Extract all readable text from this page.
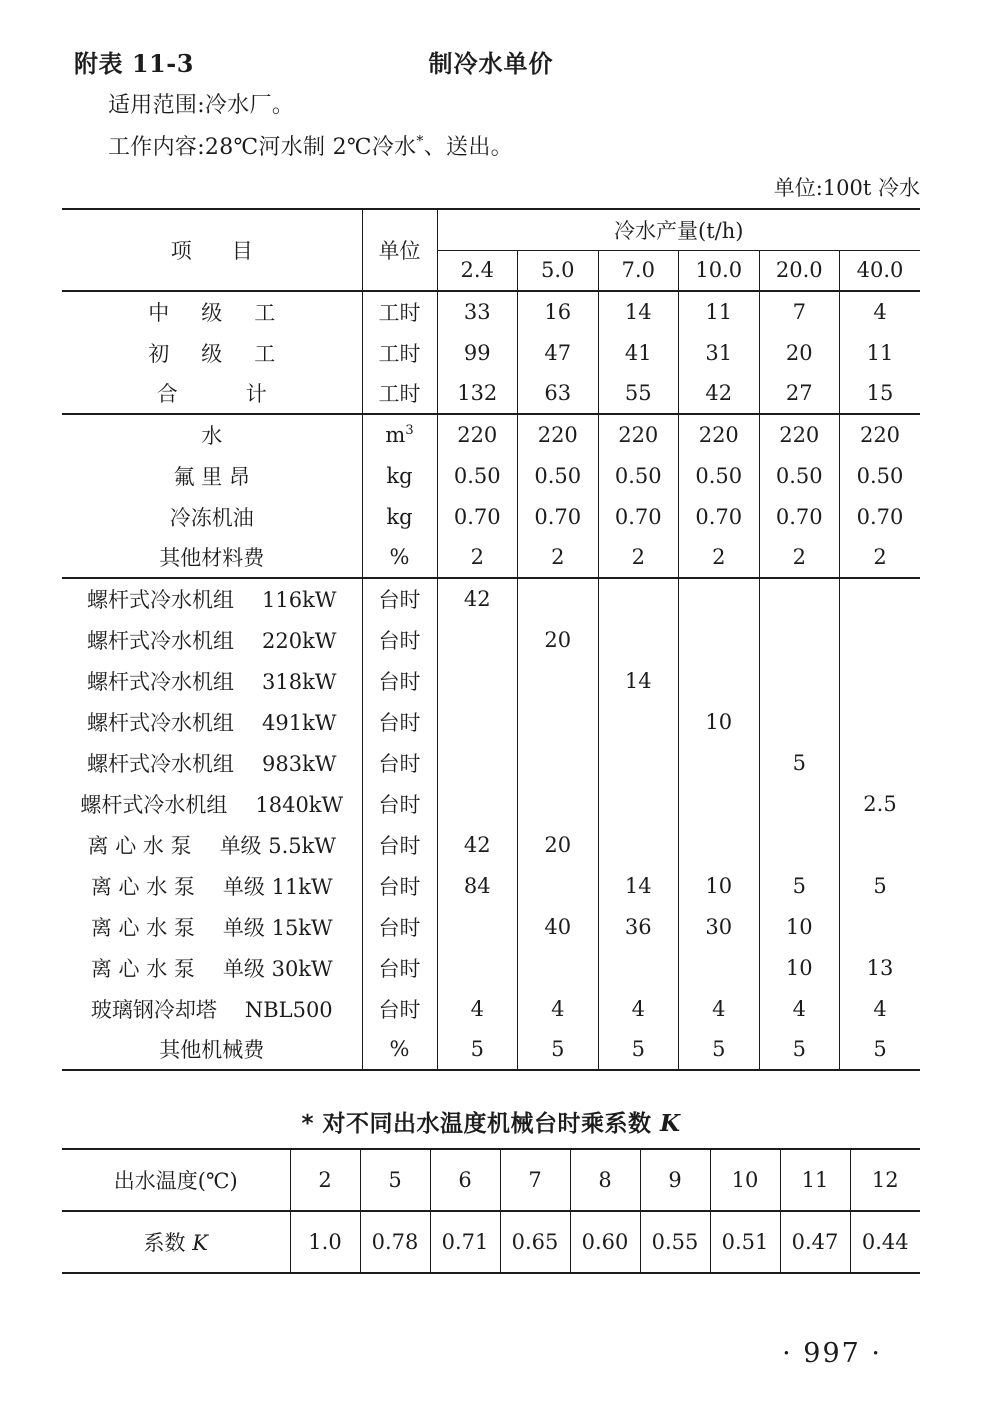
附表 11-3	制冷水单价
适用范围:冷水厂。
工作内容:28℃河水制 2℃冷水*、送出。
单位:100t 冷水
项 目	单位	冷水产量(t/h)					
		2.4	5.0	7.0	10.0	20.0	40.0
中 级 工	工时	33	16	14	11	7	4
初 级 工	工时	99	47	41	31	20	11
合 计	工时	132	63	55	42	27	15
水	$m^3$	220	220	220	220	220	220
氟 里 昂	kg	0.50	0.50	0.50	0.50	0.50	0.50
冷冻机油	kg	0.70	0.70	0.70	0.70	0.70	0.70
其他材料费	%	2	2	2	2	2	2
螺杆式冷水机组 116kW	台时	42					
螺杆式冷水机组 220kW	台时		20				
螺杆式冷水机组 318kW	台时			14			
螺杆式冷水机组 491kW	台时				10		
螺杆式冷水机组 983kW	台时					5	
螺杆式冷水机组 1840kW	台时						2.5
离 心 水 泵 单级 5.5kW	台时	42	20				
离 心 水 泵 单级 11kW	台时	84		14	10	5	5
离 心 水 泵 单级 15kW	台时		40	36	30	10	
离 心 水 泵 单级 30kW	台时					10	13
玻璃钢冷却塔 NBL500	台时	4	4	4	4	4	4
其他机械费	%	5	5	5	5	5	5
* 对不同出水温度机械台时乘系数 K
出水温度(℃)	2	5	6	7	8	9	10	11	12
系数 K	1.0	0.78	0.71	0.65	0.60	0.55	0.51	0.47	0.44
· 997 ·
